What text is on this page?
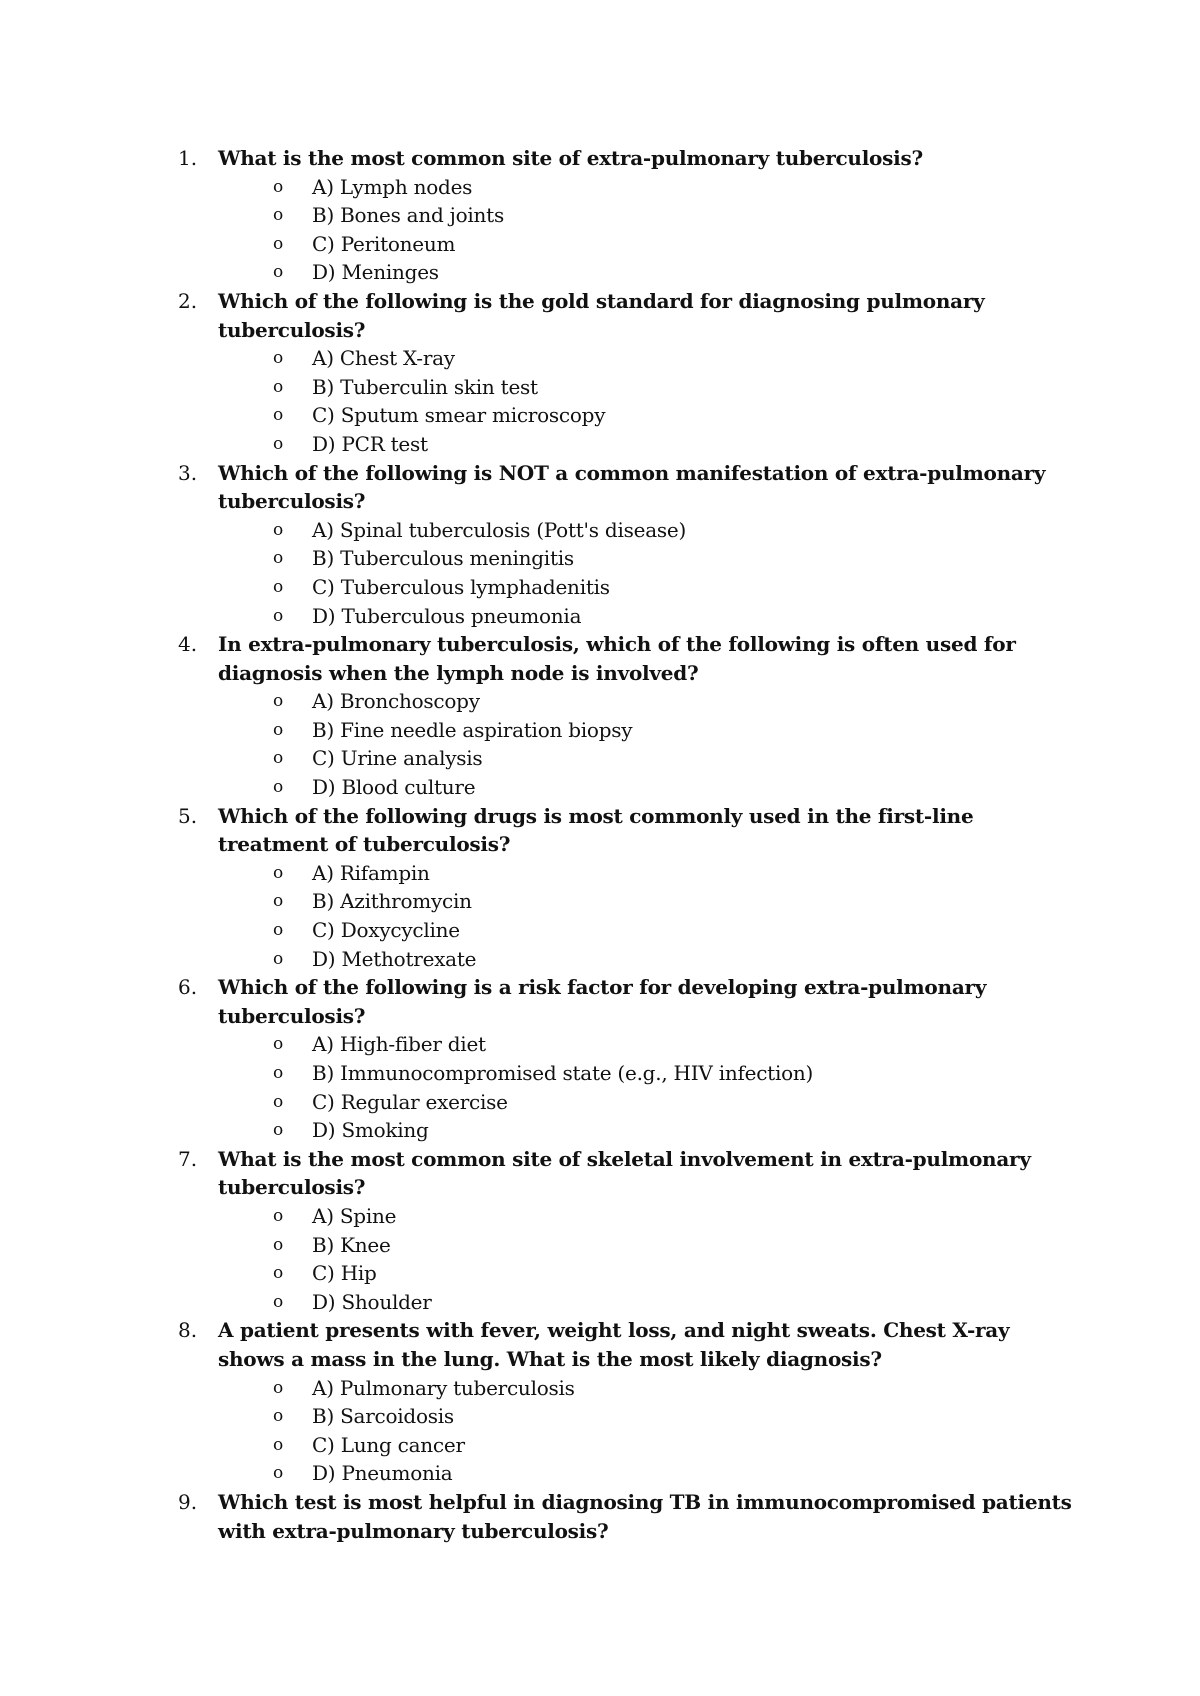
1. What is the most common site of extra-pulmonary tuberculosis?
o A) Lymph nodes
o B) Bones and joints
o C) Peritoneum
o D) Meninges
2. Which of the following is the gold standard for diagnosing pulmonary tuberculosis?
o A) Chest X-ray
o B) Tuberculin skin test
o C) Sputum smear microscopy
o D) PCR test
3. Which of the following is NOT a common manifestation of extra-pulmonary tuberculosis?
o A) Spinal tuberculosis (Pott's disease)
o B) Tuberculous meningitis
o C) Tuberculous lymphadenitis
o D) Tuberculous pneumonia
4. In extra-pulmonary tuberculosis, which of the following is often used for diagnosis when the lymph node is involved?
o A) Bronchoscopy
o B) Fine needle aspiration biopsy
o C) Urine analysis
o D) Blood culture
5. Which of the following drugs is most commonly used in the first-line treatment of tuberculosis?
o A) Rifampin
o B) Azithromycin
o C) Doxycycline
o D) Methotrexate
6. Which of the following is a risk factor for developing extra-pulmonary tuberculosis?
o A) High-fiber diet
o B) Immunocompromised state (e.g., HIV infection)
o C) Regular exercise
o D) Smoking
7. What is the most common site of skeletal involvement in extra-pulmonary tuberculosis?
o A) Spine
o B) Knee
o C) Hip
o D) Shoulder
8. A patient presents with fever, weight loss, and night sweats. Chest X-ray shows a mass in the lung. What is the most likely diagnosis?
o A) Pulmonary tuberculosis
o B) Sarcoidosis
o C) Lung cancer
o D) Pneumonia
9. Which test is most helpful in diagnosing TB in immunocompromised patients with extra-pulmonary tuberculosis?
